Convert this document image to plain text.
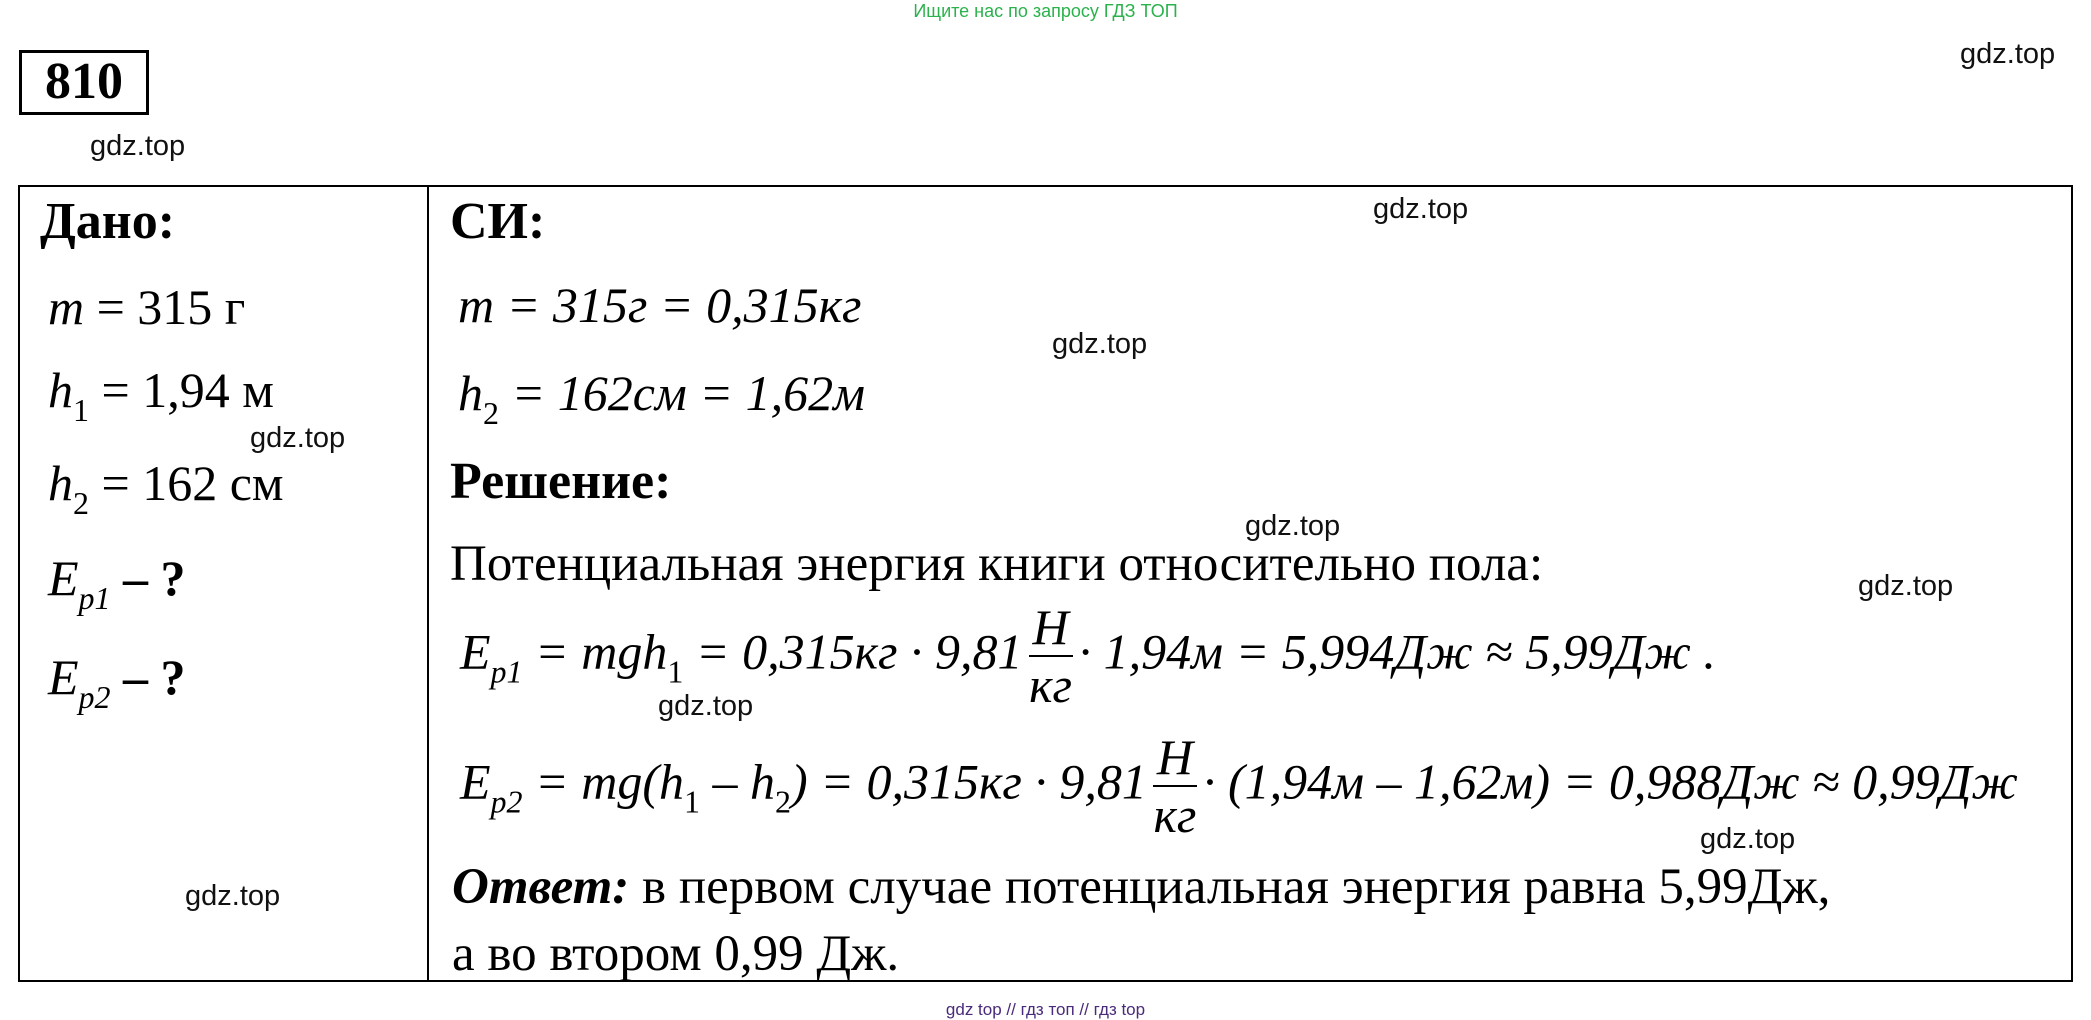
Ищите нас по запросу ГДЗ ТОП
810	gdz.top
gdz.top
Дано:
m = 315 г
$h_1 = 1,94$ м
$h_2 = 162$ см
$E_{p1}$ – ?
$E_{p2}$ – ?
gdz.top
gdz.top
СИ:
m = 315г = 0,315кг
$h_2 = 162см = 1,62м$
gdz.top
gdz.top
Решение:
gdz.top
Потенциальная энергия книги относительно пола:	gdz.top
$E_{p1} = mgh_1 = 0,315кг \cdot 9,81 \frac{Н}{кг} \cdot 1,94м = 5,994Дж \approx 5,99Дж$ .
gdz.top
$E_{p2} = mg(h_1 - h_2) = 0,315кг \cdot 9,81 \frac{Н}{кг} \cdot (1,94м - 1,62м) = 0,988Дж \approx 0,99Дж$
gdz.top
Ответ: в первом случае потенциальная энергия равна 5,99Дж,
а во втором 0,99 Дж.
gdz top // гдз топ // гдз top
